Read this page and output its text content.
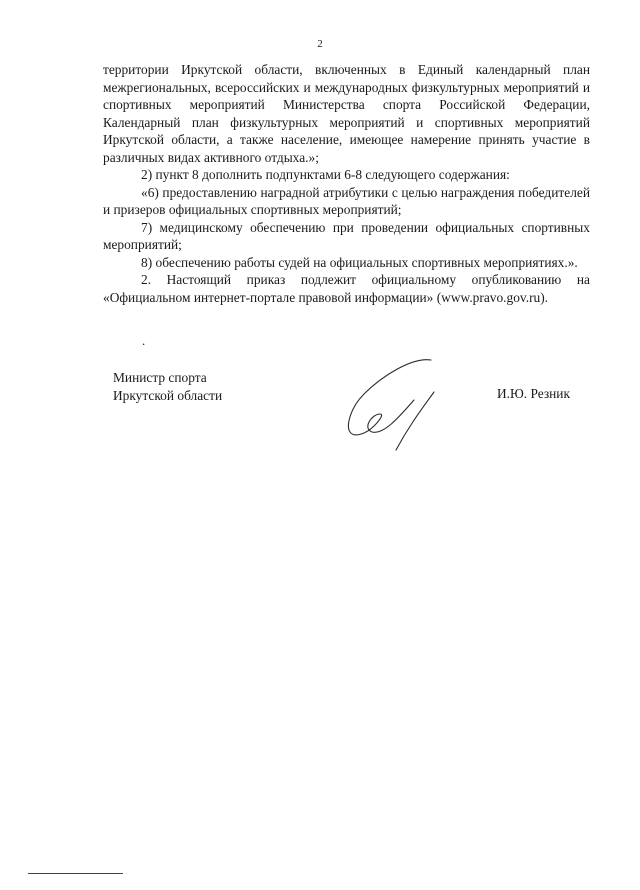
2

территории Иркутской области, включенных в Единый календарный план межрегиональных, всероссийских и международных физкультурных мероприятий и спортивных мероприятий Министерства спорта Российской Федерации, Календарный план физкультурных мероприятий и спортивных мероприятий Иркутской области, а также население, имеющее намерение принять участие в различных видах активного отдыха.»;

2) пункт 8 дополнить подпунктами 6-8 следующего содержания:

«6) предоставлению наградной атрибутики с целью награждения победителей и призеров официальных спортивных мероприятий;

7) медицинскому обеспечению при проведении официальных спортивных мероприятий;

8) обеспечению работы судей на официальных спортивных мероприятиях.».

2. Настоящий приказ подлежит официальному опубликованию на «Официальном интернет-портале правовой информации» (www.pravo.gov.ru).

.
Министр спорта
Иркутской области	И.Ю. Резник
